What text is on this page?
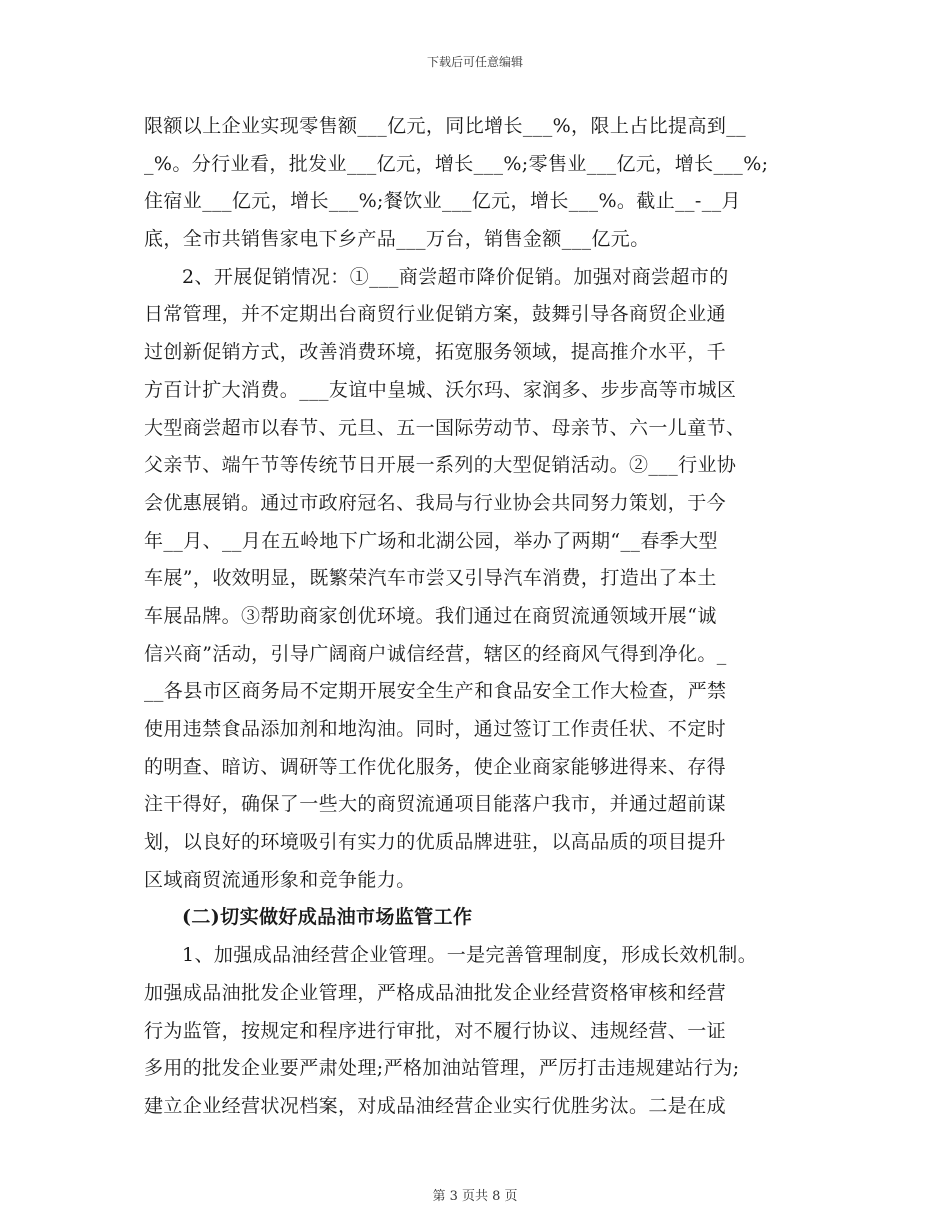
下载后可任意编辑
限额以上企业实现零售额___亿元，同比增长___%，限上占比提高到__
_%。分行业看，批发业___亿元，增长___%;零售业___亿元，增长___%;
住宿业___亿元，增长___%;餐饮业___亿元，增长___%。截止__-__月
底，全市共销售家电下乡产品___万台，销售金额___亿元。
2、开展促销情况：①___商尝超市降价促销。加强对商尝超市的
日常管理，并不定期出台商贸行业促销方案，鼓舞引导各商贸企业通
过创新促销方式，改善消费环境，拓宽服务领域，提高推介水平，千
方百计扩大消费。___友谊中皇城、沃尔玛、家润多、步步高等市城区
大型商尝超市以春节、元旦、五一国际劳动节、母亲节、六一儿童节、
父亲节、端午节等传统节日开展一系列的大型促销活动。②___行业协
会优惠展销。通过市政府冠名、我局与行业协会共同努力策划，于今
年__月、__月在五岭地下广场和北湖公园，举办了两期“__春季大型
车展”，收效明显，既繁荣汽车市尝又引导汽车消费，打造出了本土
车展品牌。③帮助商家创优环境。我们通过在商贸流通领域开展“诚
信兴商”活动，引导广阔商户诚信经营，辖区的经商风气得到净化。_
__各县市区商务局不定期开展安全生产和食品安全工作大检查，严禁
使用违禁食品添加剂和地沟油。同时，通过签订工作责任状、不定时
的明查、暗访、调研等工作优化服务，使企业商家能够进得来、存得
注干得好，确保了一些大的商贸流通项目能落户我市，并通过超前谋
划，以良好的环境吸引有实力的优质品牌进驻，以高品质的项目提升
区域商贸流通形象和竞争能力。
(二)切实做好成品油市场监管工作
1、加强成品油经营企业管理。一是完善管理制度，形成长效机制。
加强成品油批发企业管理，严格成品油批发企业经营资格审核和经营
行为监管，按规定和程序进行审批，对不履行协议、违规经营、一证
多用的批发企业要严肃处理;严格加油站管理，严厉打击违规建站行为;
建立企业经营状况档案，对成品油经营企业实行优胜劣汰。二是在成
第 3 页共 8 页
